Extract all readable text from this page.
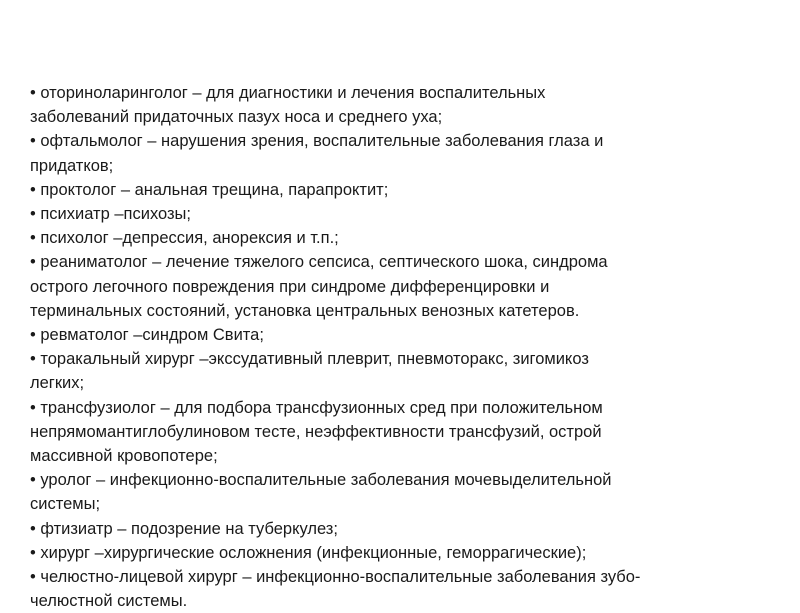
• оториноларинголог – для диагностики и лечения воспалительных
заболеваний придаточных пазух носа и среднего уха;
• офтальмолог – нарушения зрения, воспалительные заболевания глаза и
придатков;
• проктолог – анальная трещина, парапроктит;
• психиатр –психозы;
• психолог –депрессия, анорексия и т.п.;
• реаниматолог – лечение тяжелого сепсиса, септического шока, синдрома
острого легочного повреждения при синдроме дифференцировки и
терминальных состояний, установка центральных венозных катетеров.
• ревматолог –синдром Свита;
• торакальный хирург –экссудативный плеврит, пневмоторакс, зигомикоз
легких;
• трансфузиолог – для подбора трансфузионных сред при положительном
непрямомантиглобулиновом тесте, неэффективности трансфузий, острой
массивной кровопотере;
• уролог – инфекционно-воспалительные заболевания мочевыделительной
системы;
• фтизиатр – подозрение на туберкулез;
• хирург –хирургические осложнения (инфекционные, геморрагические);
• челюстно-лицевой хирург – инфекционно-воспалительные заболевания зубо-
челюстной системы.
